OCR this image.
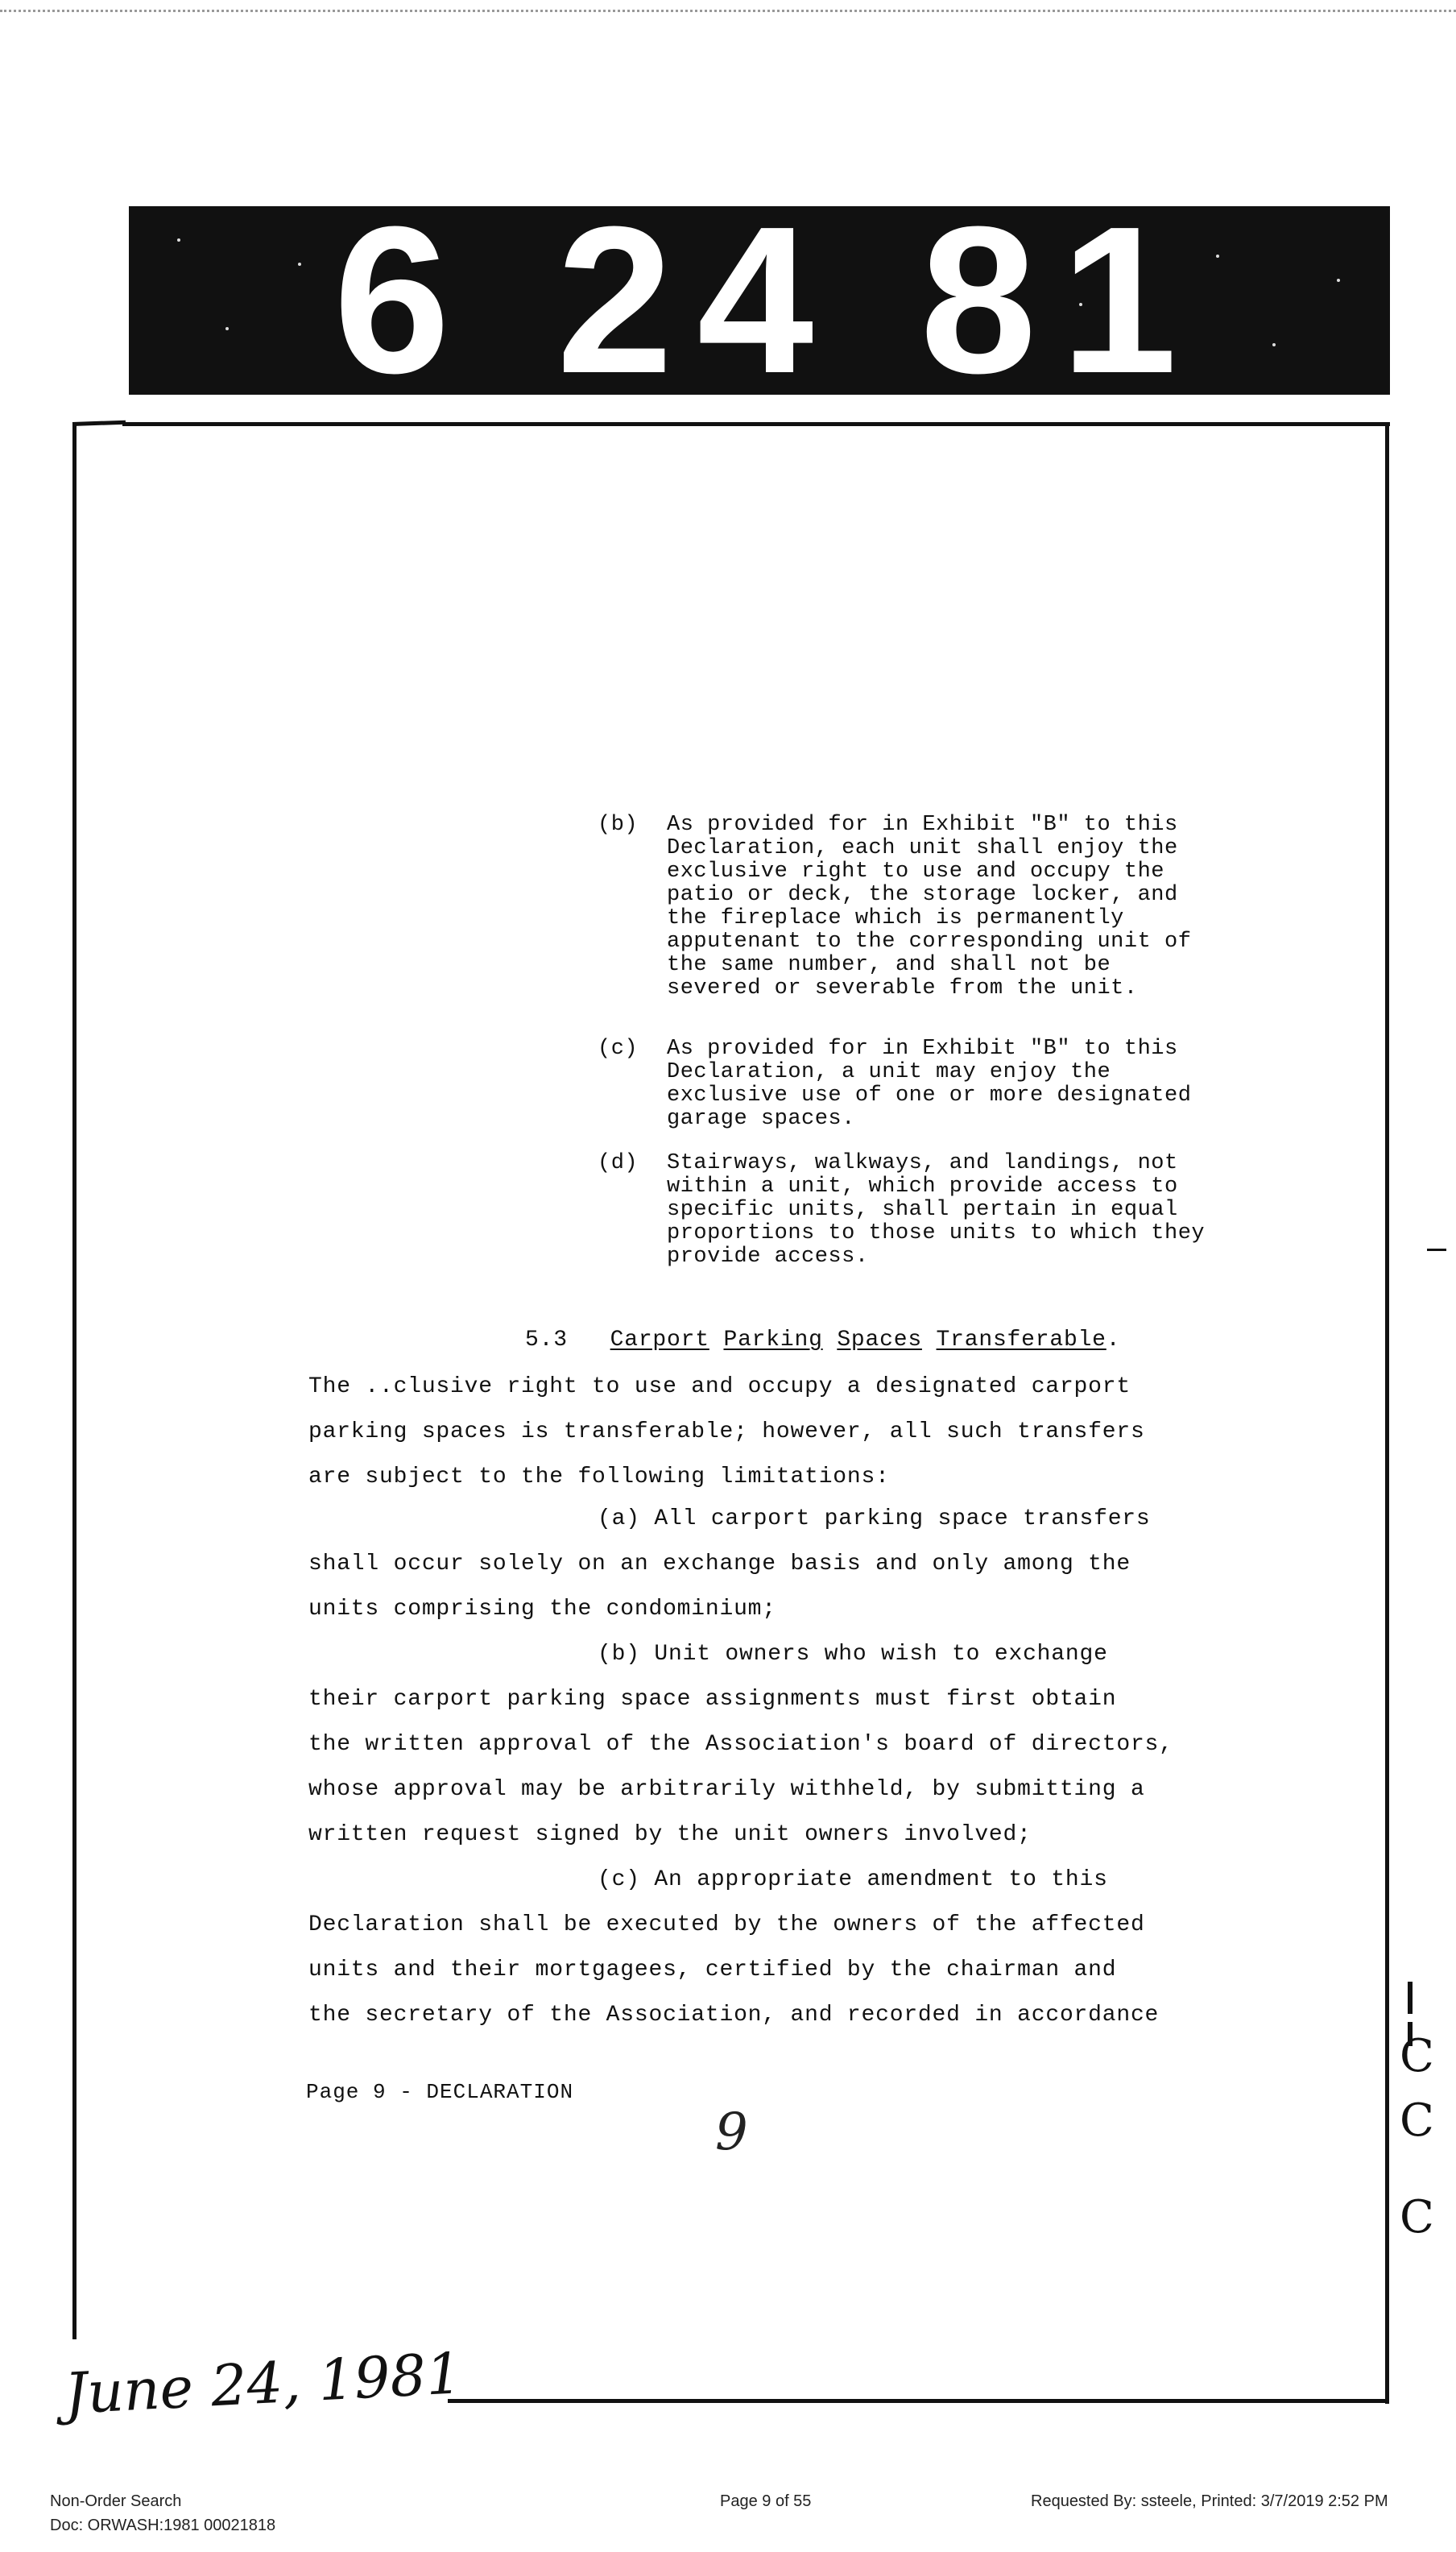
6 24 81
(b) As provided for in Exhibit "B" to this Declaration, each unit shall enjoy the exclusive right to use and occupy the patio or deck, the storage locker, and the fireplace which is permanently apputenant to the corresponding unit of the same number, and shall not be severed or severable from the unit.
(c) As provided for in Exhibit "B" to this Declaration, a unit may enjoy the exclusive use of one or more designated garage spaces.
(d) Stairways, walkways, and landings, not within a unit, which provide access to specific units, shall pertain in equal proportions to those units to which they provide access.
5.3 Carport Parking Spaces Transferable.
The ..clusive right to use and occupy a designated carport
parking spaces is transferable; however, all such transfers
are subject to the following limitations:
(a) All carport parking space transfers
shall occur solely on an exchange basis and only among the
units comprising the condominium;
(b) Unit owners who wish to exchange
their carport parking space assignments must first obtain
the written approval of the Association's board of directors,
whose approval may be arbitrarily withheld, by submitting a
written request signed by the unit owners involved;
(c) An appropriate amendment to this
Declaration shall be executed by the owners of the affected
units and their mortgagees, certified by the chairman and
the secretary of the Association, and recorded in accordance
Page 9 - DECLARATION
9
June 24, 1981
C
C
C
Non-Order Search
Doc: ORWASH:1981 00021818
Page 9 of 55	Requested By: ssteele, Printed: 3/7/2019 2:52 PM
